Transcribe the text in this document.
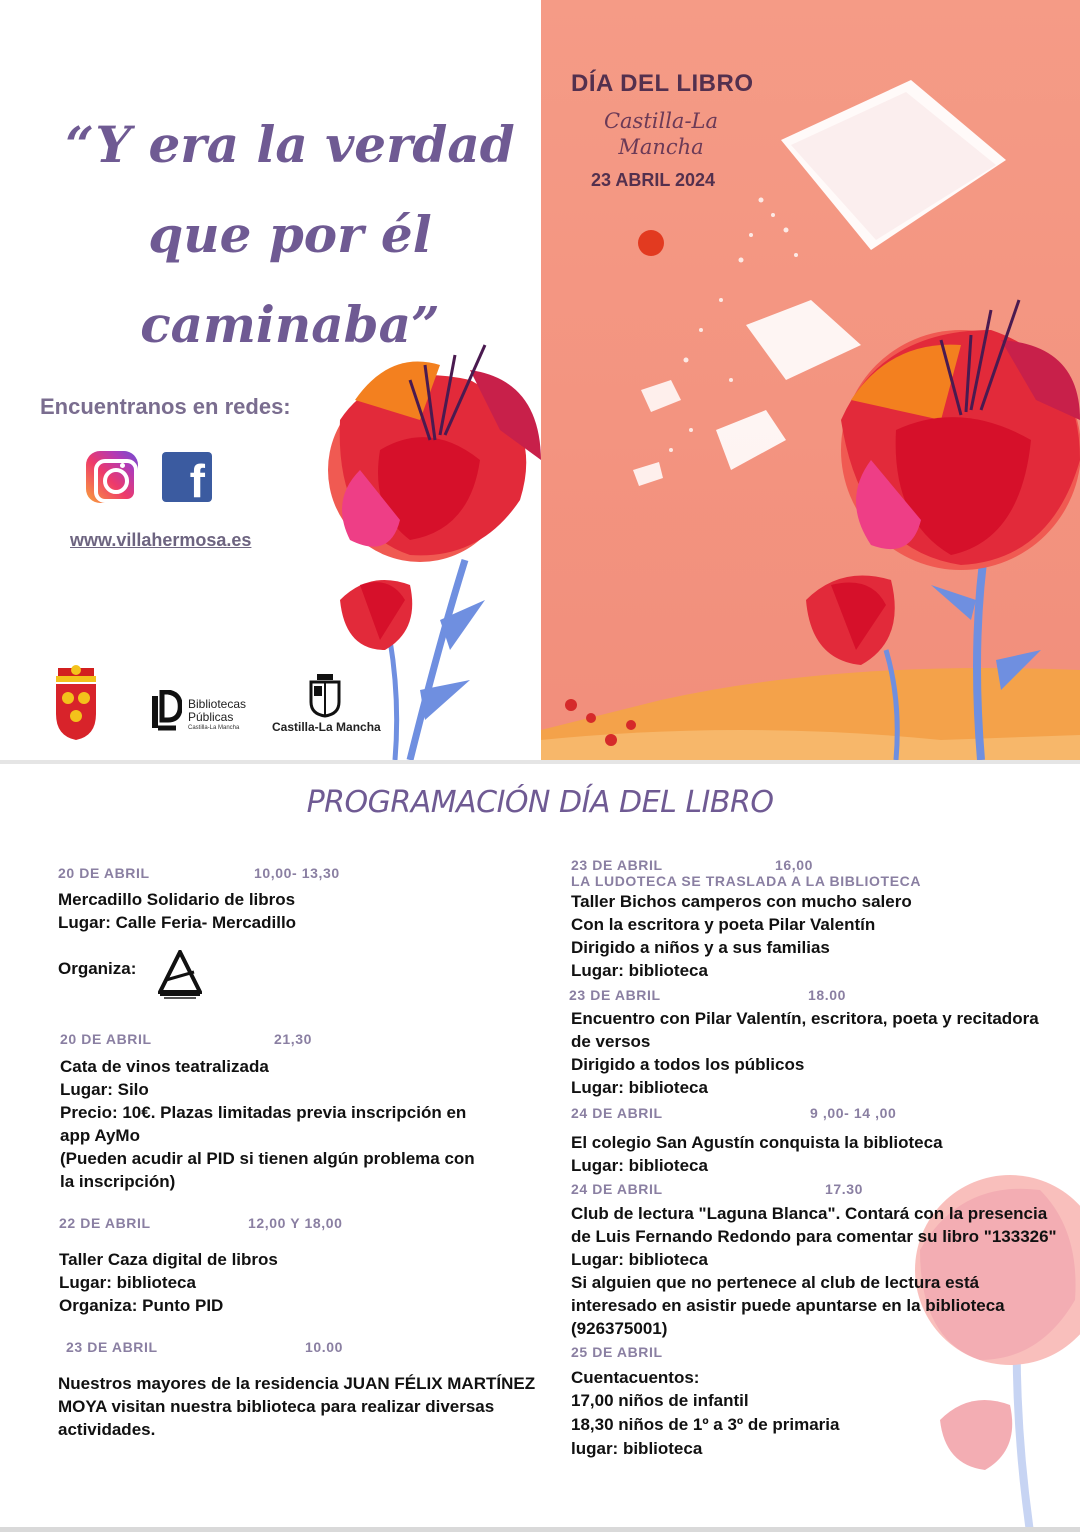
“Y era la verdad
que por él
caminaba”
Encuentranos en redes:
f
www.villahermosa.es
Bibliotecas
Públicas
Castilla-La Mancha	Castilla-La Mancha
DÍA DEL LIBRO
Castilla-La
Mancha
23 ABRIL 2024
PROGRAMACIÓN DÍA DEL LIBRO
20 DE ABRIL	10,00- 13,30
Mercadillo Solidario de libros
Lugar: Calle Feria- Mercadillo
Organiza:
20 DE ABRIL	21,30
Cata de vinos teatralizada
Lugar: Silo
Precio: 10€. Plazas limitadas previa inscripción en
app AyMo
(Pueden acudir al PID si tienen algún problema con
la inscripción)
22 DE ABRIL	12,00 Y 18,00
Taller Caza digital de libros
Lugar: biblioteca
Organiza: Punto PID
23 DE ABRIL	10.00
Nuestros mayores de la residencia JUAN FÉLIX MARTÍNEZ
MOYA visitan nuestra biblioteca para realizar diversas
actividades.
23 DE ABRIL	16,00
LA LUDOTECA SE TRASLADA A LA BIBLIOTECA
Taller Bichos camperos con mucho salero
Con la escritora y poeta Pilar Valentín
Dirigido a niños y a sus familias
Lugar: biblioteca
23 DE ABRIL	18.00
Encuentro con Pilar Valentín, escritora, poeta y recitadora
de versos
Dirigido a todos los públicos
Lugar: biblioteca
24 DE ABRIL	9 ,00- 14 ,00
El colegio San Agustín conquista la biblioteca
Lugar: biblioteca
24 DE ABRIL	17.30
Club de lectura "Laguna Blanca". Contará con la presencia
de Luis Fernando Redondo para comentar su libro "133326"
Lugar: biblioteca
Si alguien que no pertenece al club de lectura está
interesado en asistir puede apuntarse en la biblioteca
(926375001)
25 DE ABRIL
Cuentacuentos:
17,00 niños de infantil
18,30 niños de 1º a 3º de primaria
lugar: biblioteca
